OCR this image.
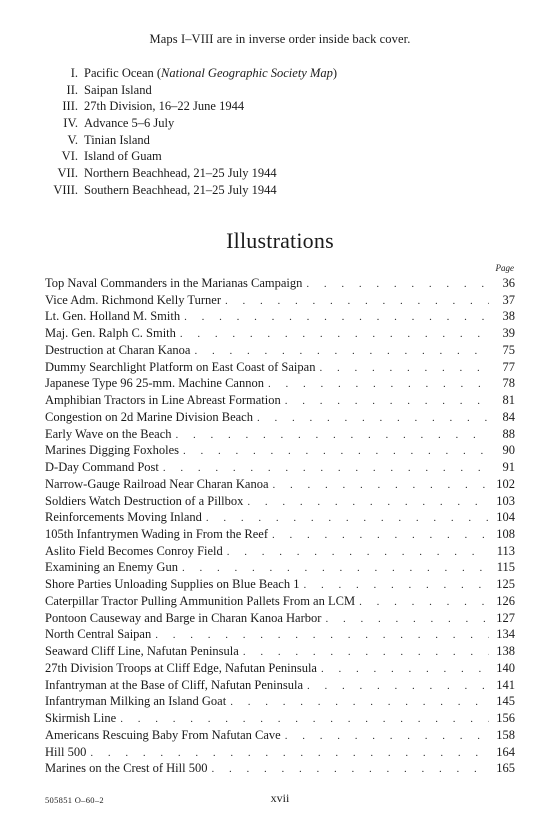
Maps I–VIII are in inverse order inside back cover.
I. Pacific Ocean (National Geographic Society Map)
II. Saipan Island
III. 27th Division, 16–22 June 1944
IV. Advance 5–6 July
V. Tinian Island
VI. Island of Guam
VII. Northern Beachhead, 21–25 July 1944
VIII. Southern Beachhead, 21–25 July 1944
Illustrations
Page
Top Naval Commanders in the Marianas Campaign . . .	36
Vice Adm. Richmond Kelly Turner . . .	37
Lt. Gen. Holland M. Smith . . .	38
Maj. Gen. Ralph C. Smith . . .	39
Destruction at Charan Kanoa . . .	75
Dummy Searchlight Platform on East Coast of Saipan . . .	77
Japanese Type 96 25-mm. Machine Cannon . . .	78
Amphibian Tractors in Line Abreast Formation . . .	81
Congestion on 2d Marine Division Beach . . .	84
Early Wave on the Beach . . .	88
Marines Digging Foxholes . . .	90
D-Day Command Post . . .	91
Narrow-Gauge Railroad Near Charan Kanoa . . .	102
Soldiers Watch Destruction of a Pillbox . . .	103
Reinforcements Moving Inland . . .	104
105th Infantrymen Wading in From the Reef . . .	108
Aslito Field Becomes Conroy Field . . .	113
Examining an Enemy Gun . . .	115
Shore Parties Unloading Supplies on Blue Beach 1 . . .	125
Caterpillar Tractor Pulling Ammunition Pallets From an LCM . . .	126
Pontoon Causeway and Barge in Charan Kanoa Harbor . . .	127
North Central Saipan . . .	134
Seaward Cliff Line, Nafutan Peninsula . . .	138
27th Division Troops at Cliff Edge, Nafutan Peninsula . . .	140
Infantryman at the Base of Cliff, Nafutan Peninsula . . .	141
Infantryman Milking an Island Goat . . .	145
Skirmish Line . . .	156
Americans Rescuing Baby From Nafutan Cave . . .	158
Hill 500 . . .	164
Marines on the Crest of Hill 500 . . .	165
505851 O–60–2	xvii
